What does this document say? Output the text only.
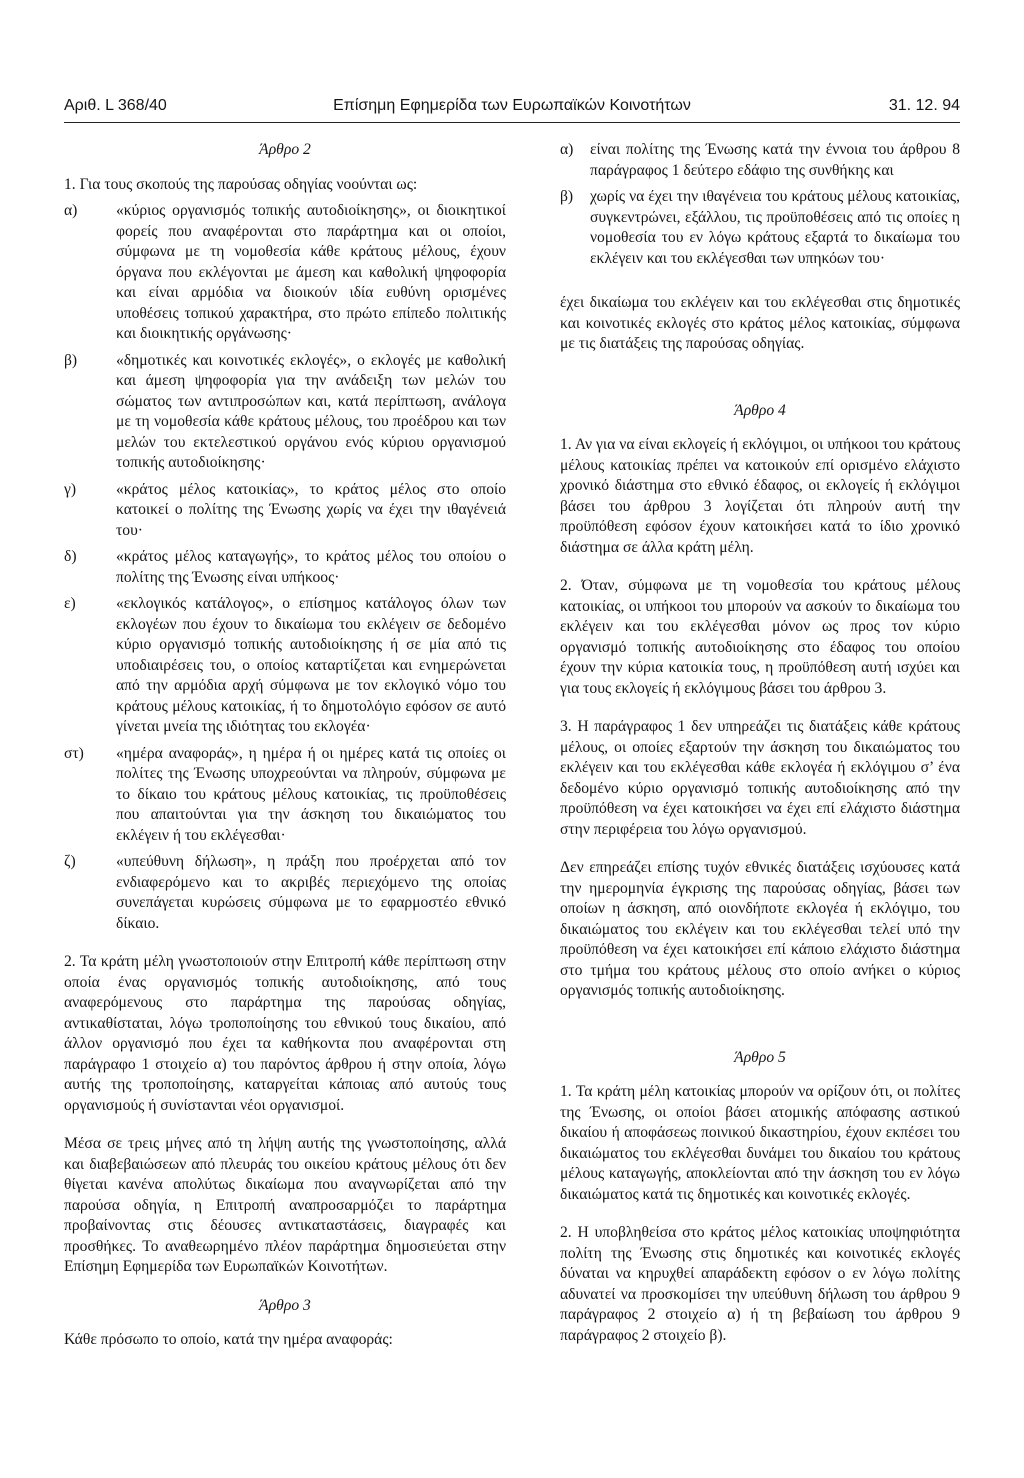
Αριθ. L 368/40	Επίσημη Εφημερίδα των Ευρωπαϊκών Κοινοτήτων	31. 12. 94
Άρθρο 2

1. Για τους σκοπούς της παρούσας οδηγίας νοούνται ως:

α)	«κύριος οργανισμός τοπικής αυτοδιοίκησης», οι διοικητικοί φορείς που αναφέρονται στο παράρτημα και οι οποίοι, σύμφωνα με τη νομοθεσία κάθε κράτους μέλους, έχουν όργανα που εκλέγονται με άμεση και καθολική ψηφοφορία και είναι αρμόδια να διοικούν ιδία ευθύνη ορισμένες υποθέσεις τοπικού χαρακτήρα, στο πρώτο επίπεδο πολιτικής και διοικητικής οργάνωσης·
β)	«δημοτικές και κοινοτικές εκλογές», ο εκλογές με καθολική και άμεση ψηφοφορία για την ανάδειξη των μελών του σώματος των αντιπροσώπων και, κατά περίπτωση, ανάλογα με τη νομοθεσία κάθε κράτους μέλους, του προέδρου και των μελών του εκτελεστικού οργάνου ενός κύριου οργανισμού τοπικής αυτοδιοίκησης·
γ)	«κράτος μέλος κατοικίας», το κράτος μέλος στο οποίο κατοικεί ο πολίτης της Ένωσης χωρίς να έχει την ιθαγένειά του·
δ)	«κράτος μέλος καταγωγής», το κράτος μέλος του οποίου ο πολίτης της Ένωσης είναι υπήκοος·
ε)	«εκλογικός κατάλογος», ο επίσημος κατάλογος όλων των εκλογέων που έχουν το δικαίωμα του εκλέγειν σε δεδομένο κύριο οργανισμό τοπικής αυτοδιοίκησης ή σε μία από τις υποδιαιρέσεις του, ο οποίος καταρτίζεται και ενημερώνεται από την αρμόδια αρχή σύμφωνα με τον εκλογικό νόμο του κράτους μέλους κατοικίας, ή το δημοτολόγιο εφόσον σε αυτό γίνεται μνεία της ιδιότητας του εκλογέα·
στ)	«ημέρα αναφοράς», η ημέρα ή οι ημέρες κατά τις οποίες οι πολίτες της Ένωσης υποχρεούνται να πληρούν, σύμφωνα με το δίκαιο του κράτους μέλους κατοικίας, τις προϋποθέσεις που απαιτούνται για την άσκηση του δικαιώματος του εκλέγειν ή του εκλέγεσθαι·
ζ)	«υπεύθυνη δήλωση», η πράξη που προέρχεται από τον ενδιαφερόμενο και το ακριβές περιεχόμενο της οποίας συνεπάγεται κυρώσεις σύμφωνα με το εφαρμοστέο εθνικό δίκαιο.

2. Τα κράτη μέλη γνωστοποιούν στην Επιτροπή κάθε περίπτωση στην οποία ένας οργανισμός τοπικής αυτοδιοίκησης, από τους αναφερόμενους στο παράρτημα της παρούσας οδηγίας, αντικαθίσταται, λόγω τροποποίησης του εθνικού τους δικαίου, από άλλον οργανισμό που έχει τα καθήκοντα που αναφέρονται στη παράγραφο 1 στοιχείο α) του παρόντος άρθρου ή στην οποία, λόγω αυτής της τροποποίησης, καταργείται κάποιας από αυτούς τους οργανισμούς ή συνίστανται νέοι οργανισμοί.

Μέσα σε τρεις μήνες από τη λήψη αυτής της γνωστοποίησης, αλλά και διαβεβαιώσεων από πλευράς του οικείου κράτους μέλους ότι δεν θίγεται κανένα απολύτως δικαίωμα που αναγνωρίζεται από την παρούσα οδηγία, η Επιτροπή αναπροσαρμόζει το παράρτημα προβαίνοντας στις δέουσες αντικαταστάσεις, διαγραφές και προσθήκες. Το αναθεωρημένο πλέον παράρτημα δημοσιεύεται στην Επίσημη Εφημερίδα των Ευρωπαϊκών Κοινοτήτων.

Άρθρο 3

Κάθε πρόσωπο το οποίο, κατά την ημέρα αναφοράς:

α)	είναι πολίτης της Ένωσης κατά την έννοια του άρθρου 8 παράγραφος 1 δεύτερο εδάφιο της συνθήκης και
β)	χωρίς να έχει την ιθαγένεια του κράτους μέλους κατοικίας, συγκεντρώνει, εξάλλου, τις προϋποθέσεις από τις οποίες η νομοθεσία του εν λόγω κράτους εξαρτά το δικαίωμα του εκλέγειν και του εκλέγεσθαι των υπηκόων του·

έχει δικαίωμα του εκλέγειν και του εκλέγεσθαι στις δημοτικές και κοινοτικές εκλογές στο κράτος μέλος κατοικίας, σύμφωνα με τις διατάξεις της παρούσας οδηγίας.

Άρθρο 4

1. Αν για να είναι εκλογείς ή εκλόγιμοι, οι υπήκοοι του κράτους μέλους κατοικίας πρέπει να κατοικούν επί ορισμένο ελάχιστο χρονικό διάστημα στο εθνικό έδαφος, οι εκλογείς ή εκλόγιμοι βάσει του άρθρου 3 λογίζεται ότι πληρούν αυτή την προϋπόθεση εφόσον έχουν κατοικήσει κατά το ίδιο χρονικό διάστημα σε άλλα κράτη μέλη.

2. Όταν, σύμφωνα με τη νομοθεσία του κράτους μέλους κατοικίας, οι υπήκοοι του μπορούν να ασκούν το δικαίωμα του εκλέγειν και του εκλέγεσθαι μόνον ως προς τον κύριο οργανισμό τοπικής αυτοδιοίκησης στο έδαφος του οποίου έχουν την κύρια κατοικία τους, η προϋπόθεση αυτή ισχύει και για τους εκλογείς ή εκλόγιμους βάσει του άρθρου 3.

3. Η παράγραφος 1 δεν υπηρεάζει τις διατάξεις κάθε κράτους μέλους, οι οποίες εξαρτούν την άσκηση του δικαιώματος του εκλέγειν και του εκλέγεσθαι κάθε εκλογέα ή εκλόγιμου σ’ ένα δεδομένο κύριο οργανισμό τοπικής αυτοδιοίκησης από την προϋπόθεση να έχει κατοικήσει να έχει επί ελάχιστο διάστημα στην περιφέρεια του λόγω οργανισμού.

Δεν επηρεάζει επίσης τυχόν εθνικές διατάξεις ισχύουσες κατά την ημερομηνία έγκρισης της παρούσας οδηγίας, βάσει των οποίων η άσκηση, από οιονδήποτε εκλογέα ή εκλόγιμο, του δικαιώματος του εκλέγειν και του εκλέγεσθαι τελεί υπό την προϋπόθεση να έχει κατοικήσει επί κάποιο ελάχιστο διάστημα στο τμήμα του κράτους μέλους στο οποίο ανήκει ο κύριος οργανισμός τοπικής αυτοδιοίκησης.

Άρθρο 5

1. Τα κράτη μέλη κατοικίας μπορούν να ορίζουν ότι, οι πολίτες της Ένωσης, οι οποίοι βάσει ατομικής απόφασης αστικού δικαίου ή αποφάσεως ποινικού δικαστηρίου, έχουν εκπέσει του δικαιώματος του εκλέγεσθαι δυνάμει του δικαίου του κράτους μέλους καταγωγής, αποκλείονται από την άσκηση του εν λόγω δικαιώματος κατά τις δημοτικές και κοινοτικές εκλογές.

2. Η υποβληθείσα στο κράτος μέλος κατοικίας υποψηφιότητα πολίτη της Ένωσης στις δημοτικές και κοινοτικές εκλογές δύναται να κηρυχθεί απαράδεκτη εφόσον ο εν λόγω πολίτης αδυνατεί να προσκομίσει την υπεύθυνη δήλωση του άρθρου 9 παράγραφος 2 στοιχείο α) ή τη βεβαίωση του άρθρου 9 παράγραφος 2 στοιχείο β).
